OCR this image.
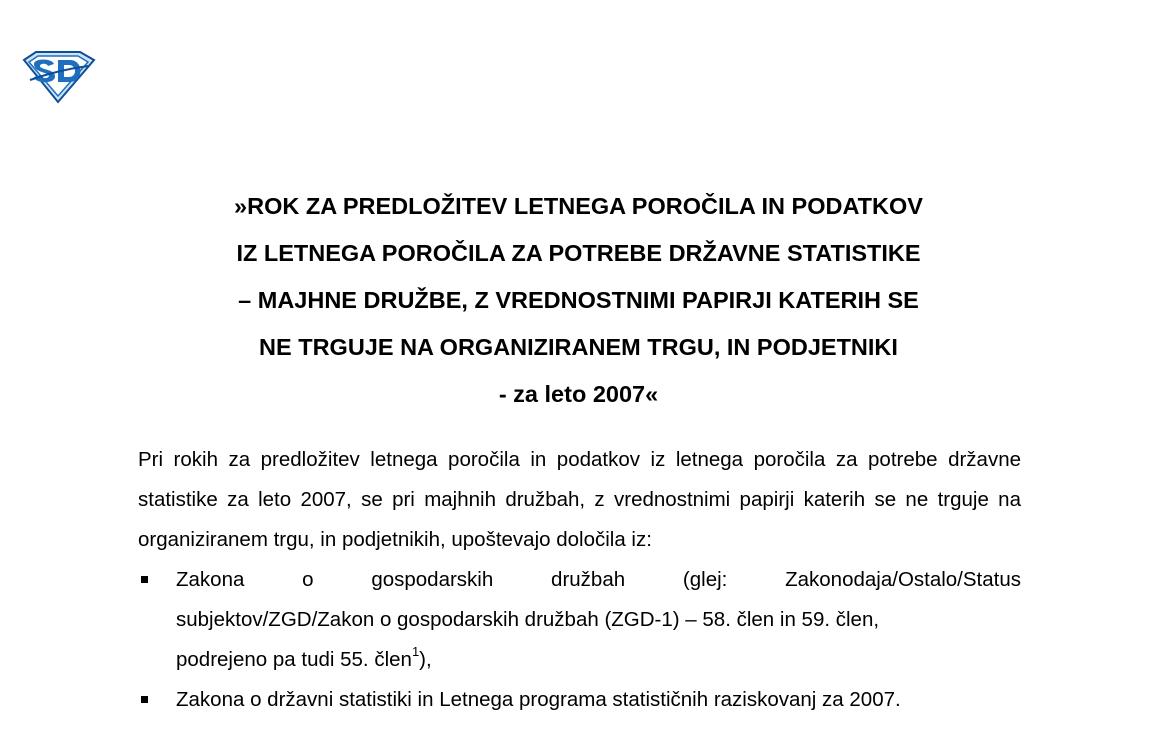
»ROK ZA PREDLOŽITEV LETNEGA POROČILA IN PODATKOV
IZ LETNEGA POROČILA ZA POTREBE DRŽAVNE STATISTIKE
– MAJHNE DRUŽBE, Z VREDNOSTNIMI PAPIRJI KATERIH SE
NE TRGUJE NA ORGANIZIRANEM TRGU, IN PODJETNIKI
- za leto 2007«
Pri rokih za predložitev letnega poročila in podatkov iz letnega poročila za potrebe državne statistike za leto 2007, se pri majhnih družbah, z vrednostnimi papirji katerih se ne trguje na organiziranem trgu, in podjetnikih, upoštevajo določila iz:
Zakona	o	gospodarskih	družbah	(glej:	Zakonodaja/Ostalo/Status
subjektov/ZGD/Zakon o gospodarskih družbah (ZGD-1) – 58. člen in 59. člen,
podrejeno pa tudi 55. člen$^1$),
Zakona o državni statistiki in Letnega programa statističnih raziskovanj za 2007.
